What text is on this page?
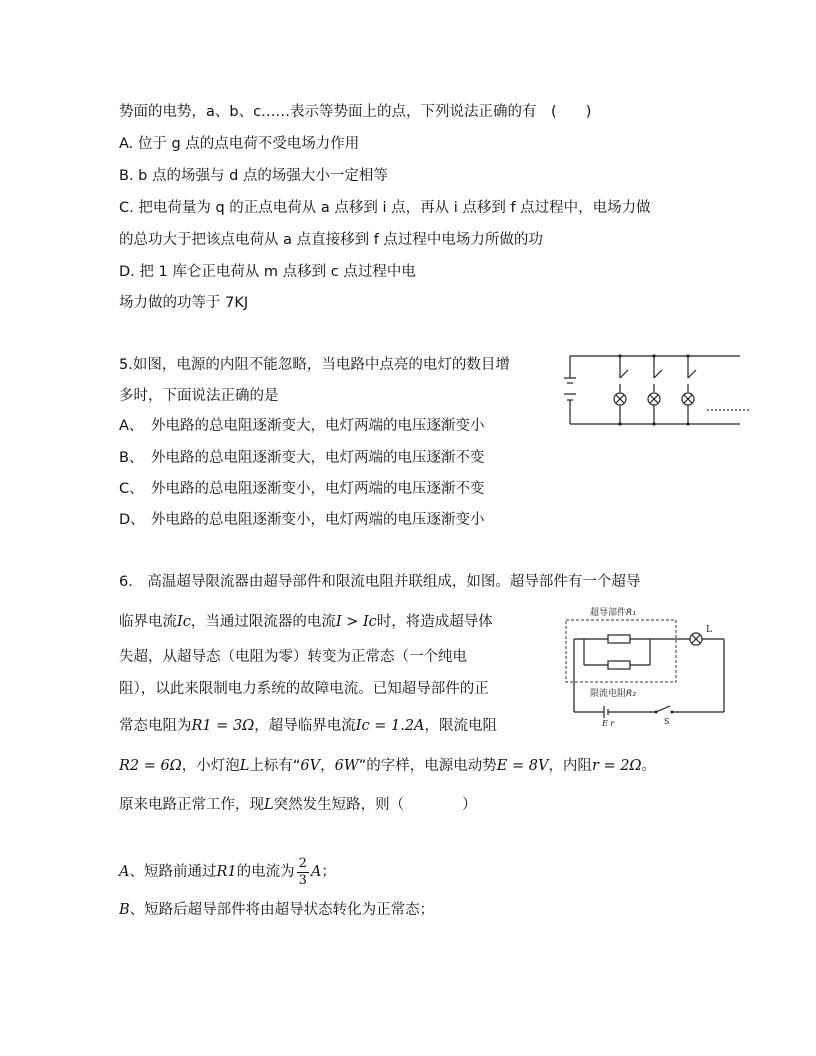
势面的电势，a、b、c……表示等势面上的点，下列说法正确的有　(　　)
A. 位于 g 点的点电荷不受电场力作用
B. b 点的场强与 d 点的场强大小一定相等
C. 把电荷量为 q 的正点电荷从 a 点移到 i 点，再从 i 点移到 f 点过程中，电场力做
的总功大于把该点电荷从 a 点直接移到 f 点过程中电场力所做的功
D. 把 1 库仑正电荷从 m 点移到 c 点过程中电
场力做的功等于 7KJ
5.如图，电源的内阻不能忽略，当电路中点亮的电灯的数目增
多时，下面说法正确的是
A、 外电路的总电阻逐渐变大，电灯两端的电压逐渐变小
B、 外电路的总电阻逐渐变大，电灯两端的电压逐渐不变
C、 外电路的总电阻逐渐变小，电灯两端的电压逐渐不变
D、 外电路的总电阻逐渐变小，电灯两端的电压逐渐变小
6.　高温超导限流器由超导部件和限流电阻并联组成，如图。超导部件有一个超导
临界电流Ic，当通过限流器的电流I > Ic时，将造成超导体
失超，从超导态（电阻为零）转变为正常态（一个纯电
阻），以此来限制电力系统的故障电流。已知超导部件的正
常态电阻为R1 = 3Ω，超导临界电流Ic = 1.2A，限流电阻
R2 = 6Ω，小灯泡L上标有“6V，6W”的字样，电源电动势E = 8V，内阻r = 2Ω。
原来电路正常工作，现L突然发生短路，则（　　　　）
A、短路前通过R1的电流为 $\frac{2}{3}$ A；
B、短路后超导部件将由超导状态转化为正常态；
超导部件R₁
限流电阻R₂
L
E r	S
